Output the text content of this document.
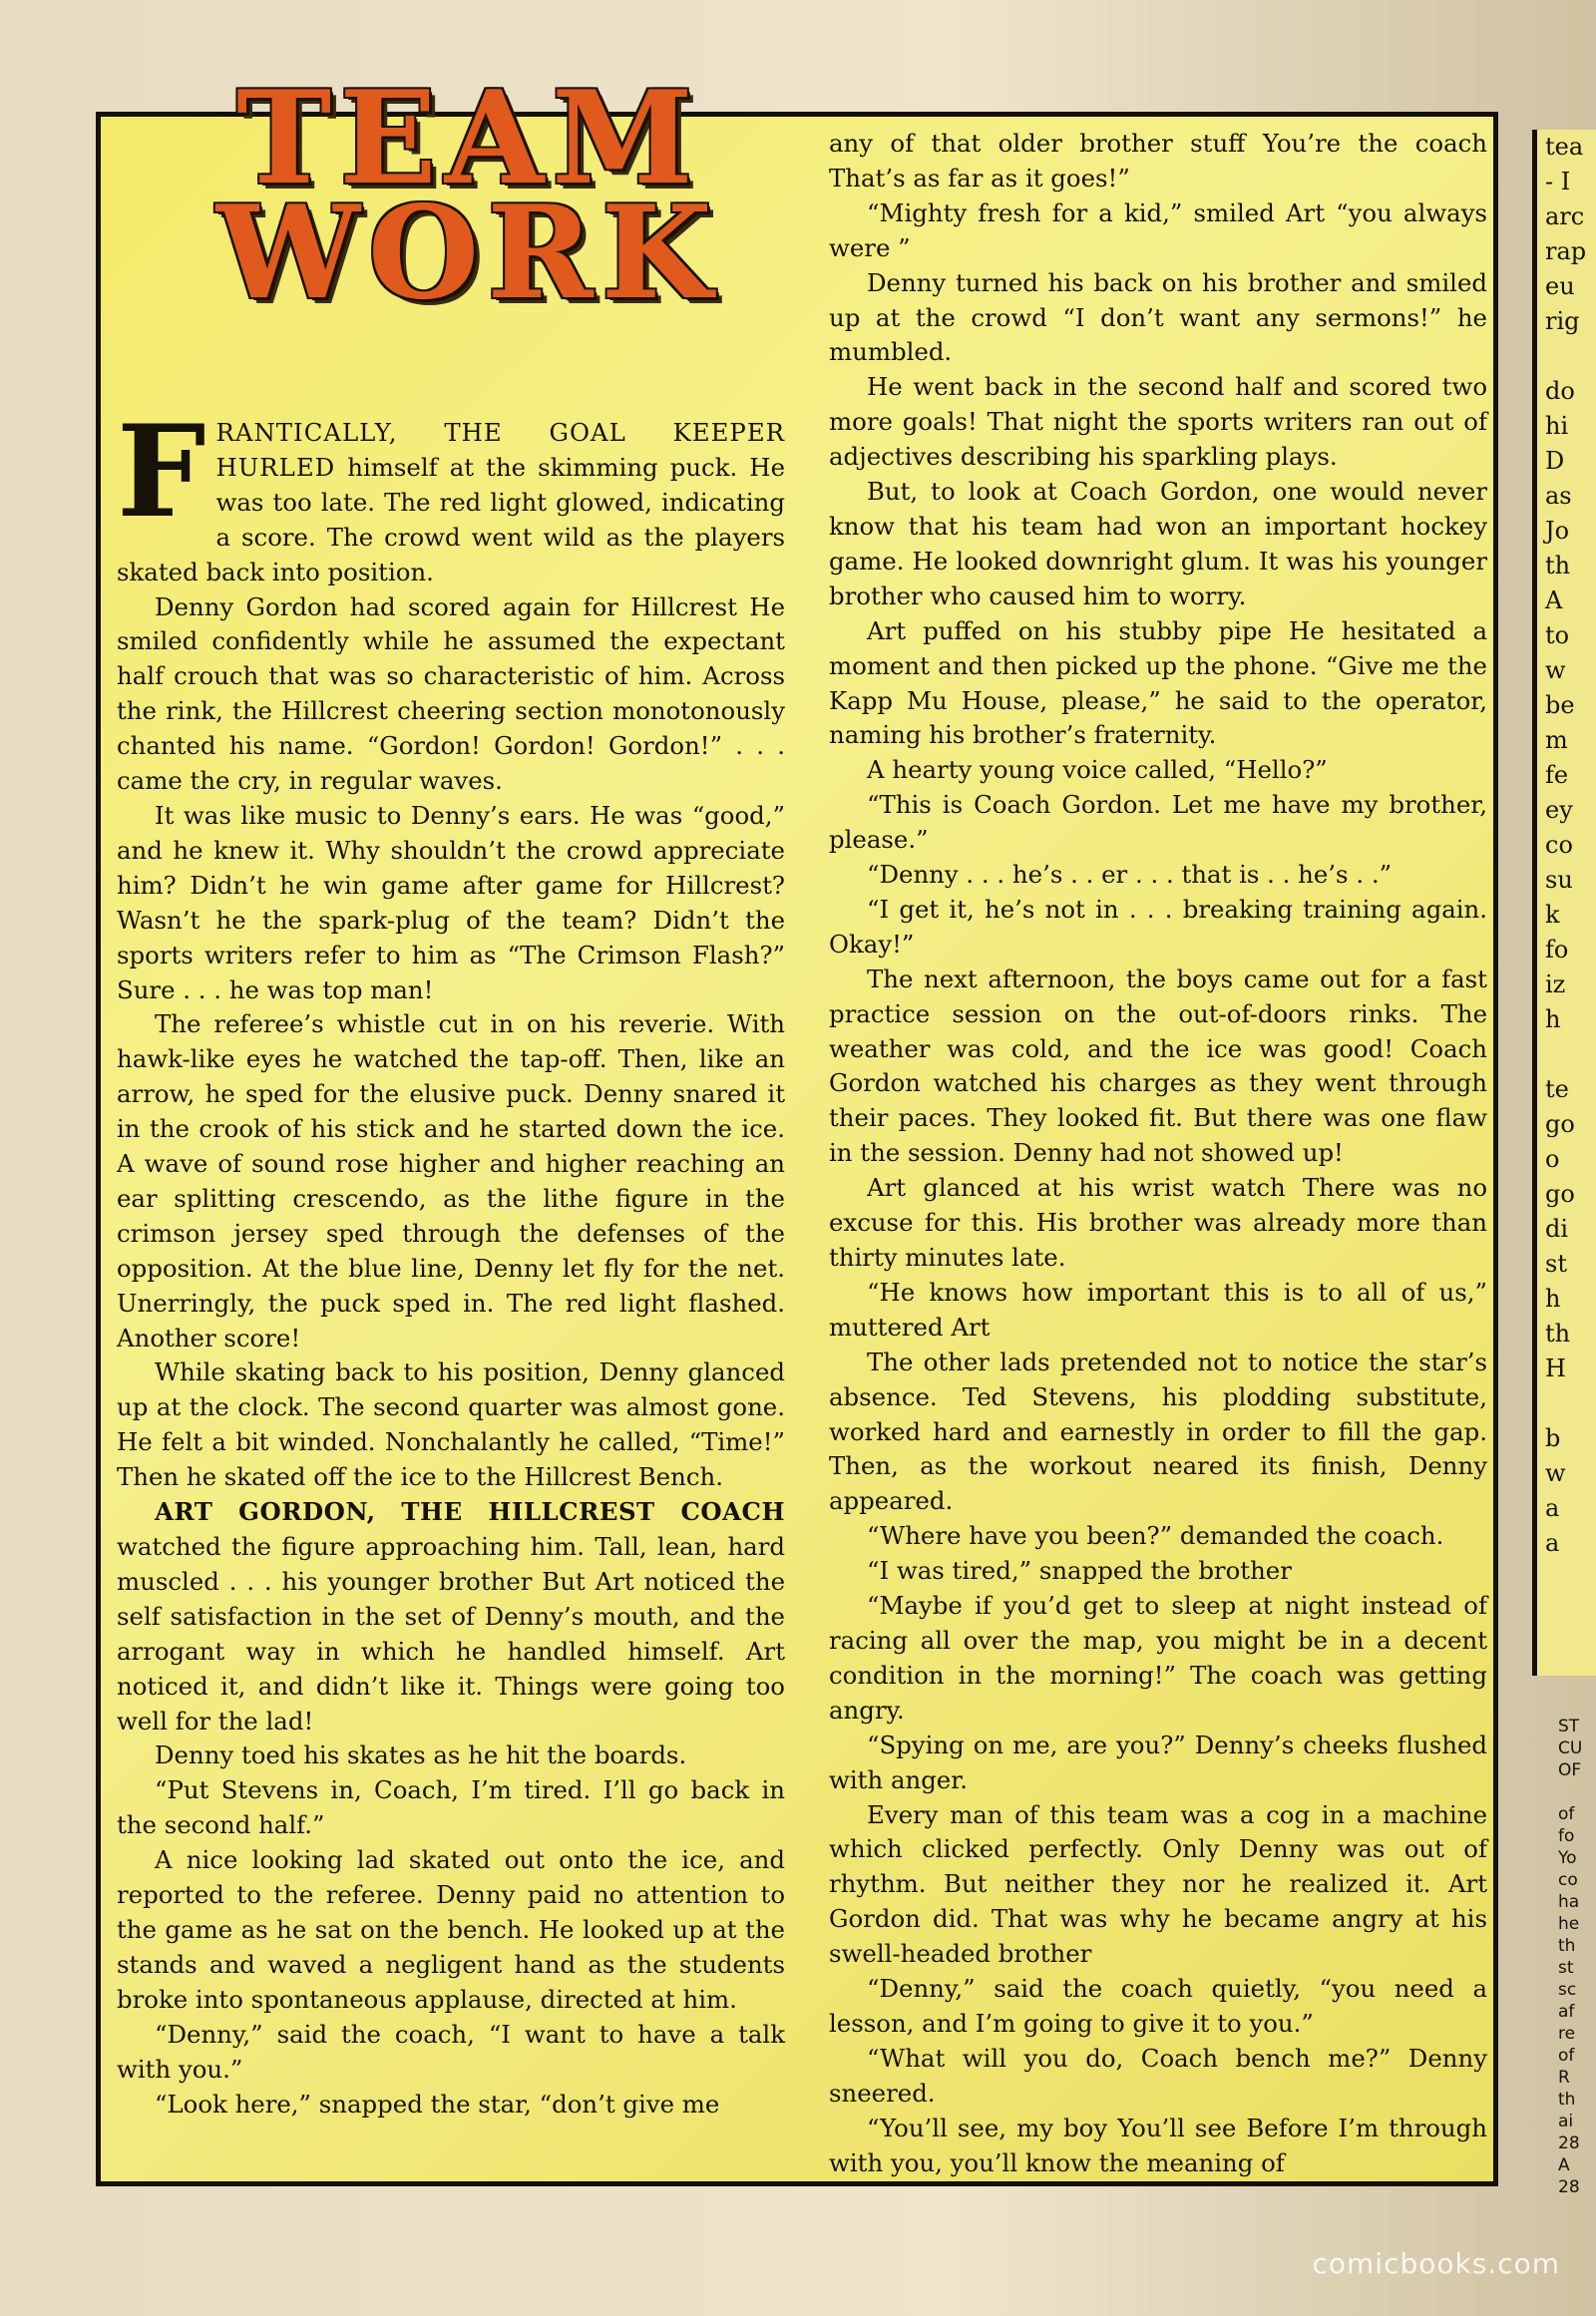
TEAM
WORK

FRANTICALLY, THE GOAL KEEPER HURLED himself at the skimming puck. He was too late. The red light glowed, indicating a score. The crowd went wild as the players skated back into position.

Denny Gordon had scored again for Hillcrest He smiled confidently while he assumed the expectant half crouch that was so characteristic of him. Across the rink, the Hillcrest cheering section monotonously chanted his name. “Gordon! Gordon! Gordon!” . . . came the cry, in regular waves.

It was like music to Denny’s ears. He was “good,” and he knew it. Why shouldn’t the crowd appreciate him? Didn’t he win game after game for Hillcrest? Wasn’t he the spark-plug of the team? Didn’t the sports writers refer to him as “The Crimson Flash?” Sure . . . he was top man!

The referee’s whistle cut in on his reverie. With hawk-like eyes he watched the tap-off. Then, like an arrow, he sped for the elusive puck. Denny snared it in the crook of his stick and he started down the ice. A wave of sound rose higher and higher reaching an ear splitting crescendo, as the lithe figure in the crimson jersey sped through the defenses of the opposition. At the blue line, Denny let fly for the net. Unerringly, the puck sped in. The red light flashed. Another score!

While skating back to his position, Denny glanced up at the clock. The second quarter was almost gone. He felt a bit winded. Nonchalantly he called, “Time!” Then he skated off the ice to the Hillcrest Bench.

ART GORDON, THE HILLCREST COACH watched the figure approaching him. Tall, lean, hard muscled . . . his younger brother But Art noticed the self satisfaction in the set of Denny’s mouth, and the arrogant way in which he handled himself. Art noticed it, and didn’t like it. Things were going too well for the lad!

Denny toed his skates as he hit the boards.

“Put Stevens in, Coach, I’m tired. I’ll go back in the second half.”

A nice looking lad skated out onto the ice, and reported to the referee. Denny paid no attention to the game as he sat on the bench. He looked up at the stands and waved a negligent hand as the students broke into spontaneous applause, directed at him.

“Denny,” said the coach, “I want to have a talk with you.”

“Look here,” snapped the star, “don’t give me

any of that older brother stuff You’re the coach That’s as far as it goes!”

“Mighty fresh for a kid,” smiled Art “you always were ”

Denny turned his back on his brother and smiled up at the crowd “I don’t want any sermons!” he mumbled.

He went back in the second half and scored two more goals! That night the sports writers ran out of adjectives describing his sparkling plays.

But, to look at Coach Gordon, one would never know that his team had won an important hockey game. He looked downright glum. It was his younger brother who caused him to worry.

Art puffed on his stubby pipe He hesitated a moment and then picked up the phone. “Give me the Kapp Mu House, please,” he said to the operator, naming his brother’s fraternity.

A hearty young voice called, “Hello?”

“This is Coach Gordon. Let me have my brother, please.”

“Denny . . . he’s . . er . . . that is . . he’s . .”

“I get it, he’s not in . . . breaking training again. Okay!”

The next afternoon, the boys came out for a fast practice session on the out-of-doors rinks. The weather was cold, and the ice was good! Coach Gordon watched his charges as they went through their paces. They looked fit. But there was one flaw in the session. Denny had not showed up!

Art glanced at his wrist watch There was no excuse for this. His brother was already more than thirty minutes late.

“He knows how important this is to all of us,” muttered Art

The other lads pretended not to notice the star’s absence. Ted Stevens, his plodding substitute, worked hard and earnestly in order to fill the gap. Then, as the workout neared its finish, Denny appeared.

“Where have you been?” demanded the coach.

“I was tired,” snapped the brother

“Maybe if you’d get to sleep at night instead of racing all over the map, you might be in a decent condition in the morning!” The coach was getting angry.

“Spying on me, are you?” Denny’s cheeks flushed with anger.

Every man of this team was a cog in a machine which clicked perfectly. Only Denny was out of rhythm. But neither they nor he realized it. Art Gordon did. That was why he became angry at his swell-headed brother

“Denny,” said the coach quietly, “you need a lesson, and I’m going to give it to you.”

“What will you do, Coach bench me?” Denny sneered.

“You’ll see, my boy You’ll see Before I’m through with you, you’ll know the meaning of

tea
- I
arc
rap
eu
rig
do
hi
D
as
Jo
th
A
to
w
be
m
fe
ey
co
su
k
fo
iz
h
te
go
o
go
di
st
h
th
H
b
w
a
a
ST
CU
OF
of
fo
Yo
co
ha
he
th
st
sc
af
re
of
R
th
ai
28
A
28
comicbooks.com
